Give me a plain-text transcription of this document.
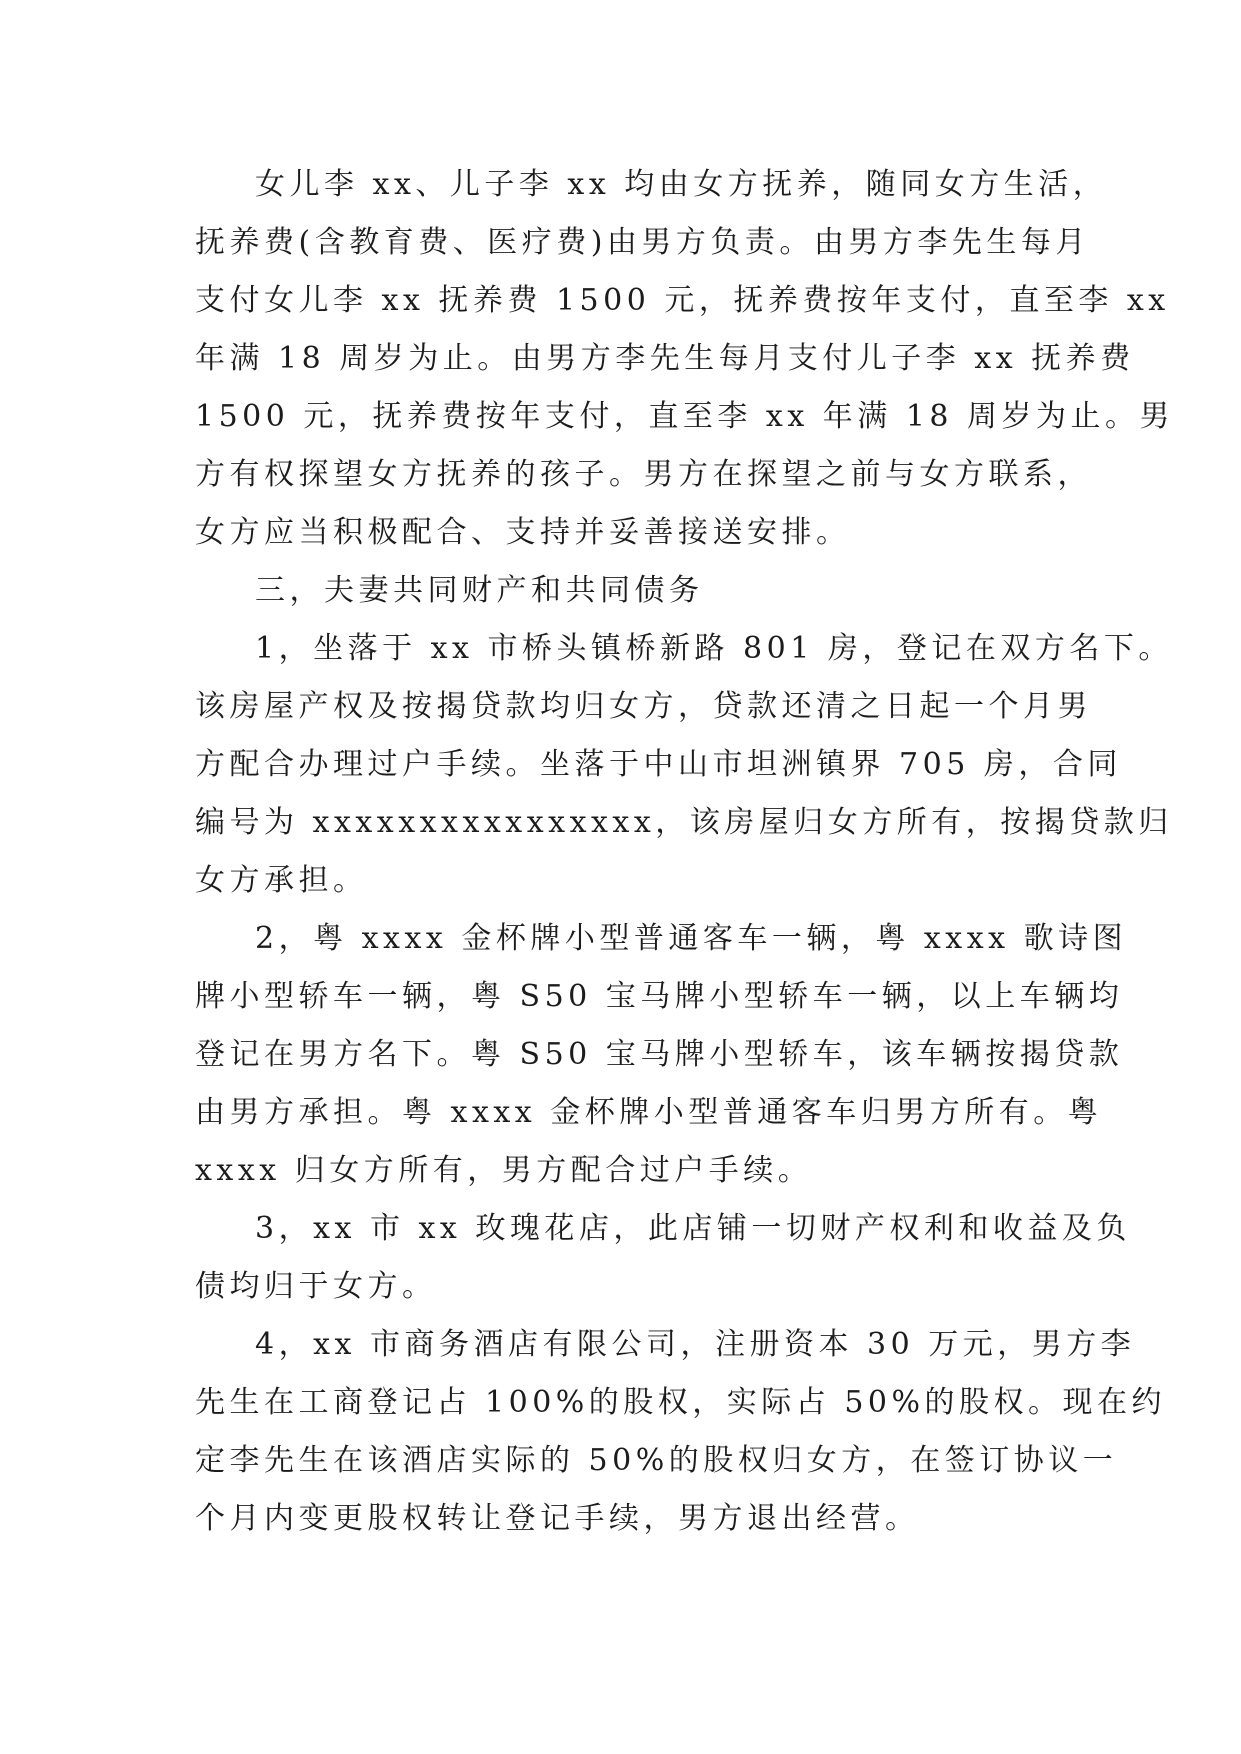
女儿李 xx、儿子李 xx 均由女方抚养，随同女方生活，
抚养费(含教育费、医疗费)由男方负责。由男方李先生每月
支付女儿李 xx 抚养费 1500 元，抚养费按年支付，直至李 xx
年满 18 周岁为止。由男方李先生每月支付儿子李 xx 抚养费
1500 元，抚养费按年支付，直至李 xx 年满 18 周岁为止。男
方有权探望女方抚养的孩子。男方在探望之前与女方联系，
女方应当积极配合、支持并妥善接送安排。
三，夫妻共同财产和共同债务
1，坐落于 xx 市桥头镇桥新路 801 房，登记在双方名下。
该房屋产权及按揭贷款均归女方，贷款还清之日起一个月男
方配合办理过户手续。坐落于中山市坦洲镇界 705 房，合同
编号为 xxxxxxxxxxxxxxxx，该房屋归女方所有，按揭贷款归
女方承担。
2，粤 xxxx 金杯牌小型普通客车一辆，粤 xxxx 歌诗图
牌小型轿车一辆，粤 S50 宝马牌小型轿车一辆，以上车辆均
登记在男方名下。粤 S50 宝马牌小型轿车，该车辆按揭贷款
由男方承担。粤 xxxx 金杯牌小型普通客车归男方所有。粤
xxxx 归女方所有，男方配合过户手续。
3，xx 市 xx 玫瑰花店，此店铺一切财产权利和收益及负
债均归于女方。
4，xx 市商务酒店有限公司，注册资本 30 万元，男方李
先生在工商登记占 100%的股权，实际占 50%的股权。现在约
定李先生在该酒店实际的 50%的股权归女方，在签订协议一
个月内变更股权转让登记手续，男方退出经营。
